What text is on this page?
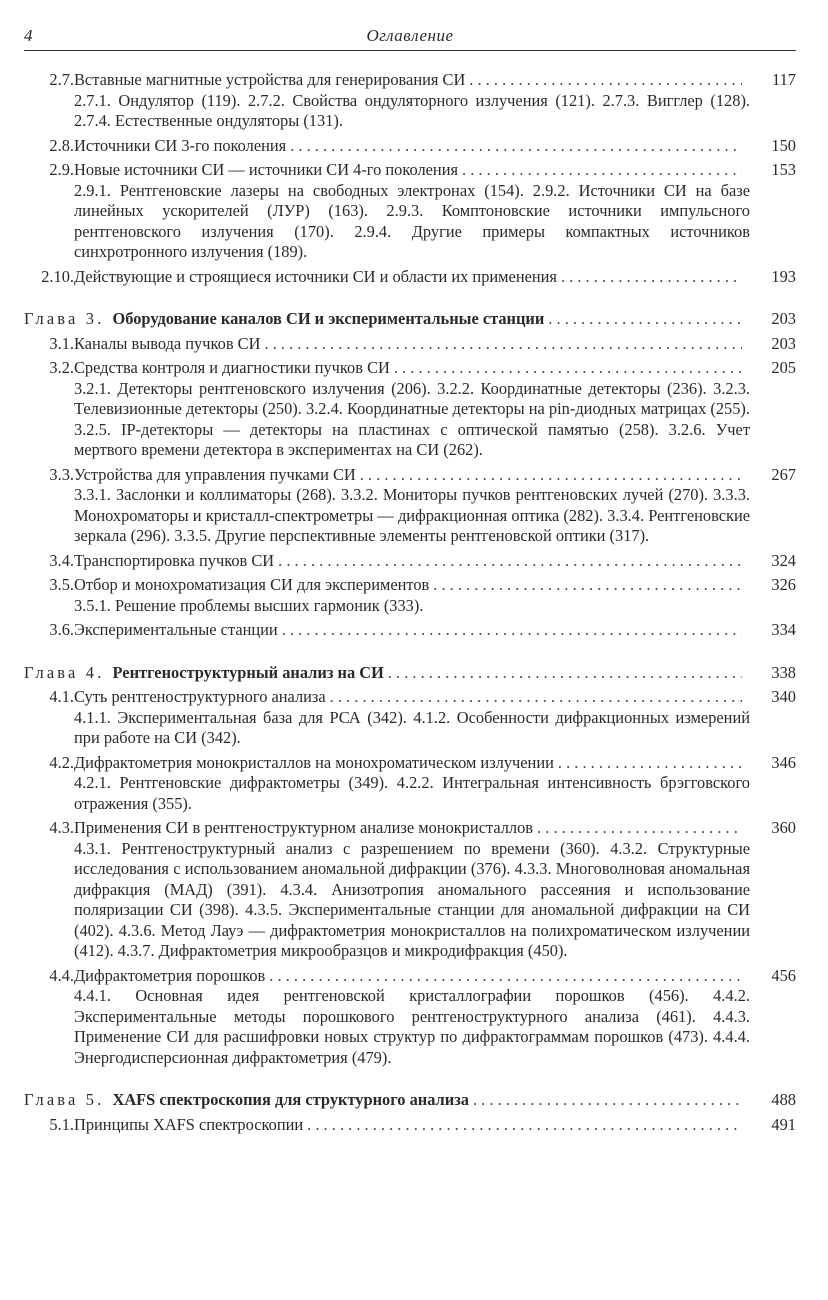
4	Оглавление
2.7. Вставные магнитные устройства для генерирования СИ . . .	117
2.7.1. Ондулятор (119). 2.7.2. Свойства ондуляторного излучения (121). 2.7.3. Вигглер (128). 2.7.4. Естественные ондуляторы (131).
2.8. Источники СИ 3-го поколения . . .	150
2.9. Новые источники СИ — источники СИ 4-го поколения . . .	153
2.9.1. Рентгеновские лазеры на свободных электронах (154). 2.9.2. Источники СИ на базе линейных ускорителей (ЛУР) (163). 2.9.3. Комптоновские источники импульсного рентгеновского излучения (170). 2.9.4. Другие примеры компактных источников синхротронного излучения (189).
2.10. Действующие и строящиеся источники СИ и области их применения . . .	193
Глава 3. Оборудование каналов СИ и экспериментальные станции . . .	203
3.1. Каналы вывода пучков СИ . . .	203
3.2. Средства контроля и диагностики пучков СИ . . .	205
3.2.1. Детекторы рентгеновского излучения (206). 3.2.2. Координатные детекторы (236). 3.2.3. Телевизионные детекторы (250). 3.2.4. Координатные детекторы на pin-диодных матрицах (255). 3.2.5. IP-детекторы — детекторы на пластинах с оптической памятью (258). 3.2.6. Учет мертвого времени детектора в экспериментах на СИ (262).
3.3. Устройства для управления пучками СИ . . .	267
3.3.1. Заслонки и коллиматоры (268). 3.3.2. Мониторы пучков рентгеновских лучей (270). 3.3.3. Монохроматоры и кристалл-спектрометры — дифракционная оптика (282). 3.3.4. Рентгеновские зеркала (296). 3.3.5. Другие перспективные элементы рентгеновской оптики (317).
3.4. Транспортировка пучков СИ . . .	324
3.5. Отбор и монохроматизация СИ для экспериментов . . .	326
3.5.1. Решение проблемы высших гармоник (333).
3.6. Экспериментальные станции . . .	334
Глава 4. Рентгеноструктурный анализ на СИ . . .	338
4.1. Суть рентгеноструктурного анализа . . .	340
4.1.1. Экспериментальная база для РСА (342). 4.1.2. Особенности дифракционных измерений при работе на СИ (342).
4.2. Дифрактометрия монокристаллов на монохроматическом излучении . . .	346
4.2.1. Рентгеновские дифрактометры (349). 4.2.2. Интегральная интенсивность брэгговского отражения (355).
4.3. Применения СИ в рентгеноструктурном анализе монокристаллов . . .	360
4.3.1. Рентгеноструктурный анализ с разрешением по времени (360). 4.3.2. Структурные исследования с использованием аномальной дифракции (376). 4.3.3. Многоволновая аномальная дифракция (МАД) (391). 4.3.4. Анизотропия аномального рассеяния и использование поляризации СИ (398). 4.3.5. Экспериментальные станции для аномальной дифракции на СИ (402). 4.3.6. Метод Лауэ — дифрактометрия монокристаллов на полихроматическом излучении (412). 4.3.7. Дифрактометрия микрообразцов и микродифракция (450).
4.4. Дифрактометрия порошков . . .	456
4.4.1. Основная идея рентгеновской кристаллографии порошков (456). 4.4.2. Экспериментальные методы порошкового рентгеноструктурного анализа (461). 4.4.3. Применение СИ для расшифровки новых структур по дифрактограммам порошков (473). 4.4.4. Энергодисперсионная дифрактометрия (479).
Глава 5. XAFS спектроскопия для структурного анализа . . .	488
5.1. Принципы XAFS спектроскопии . . .	491
